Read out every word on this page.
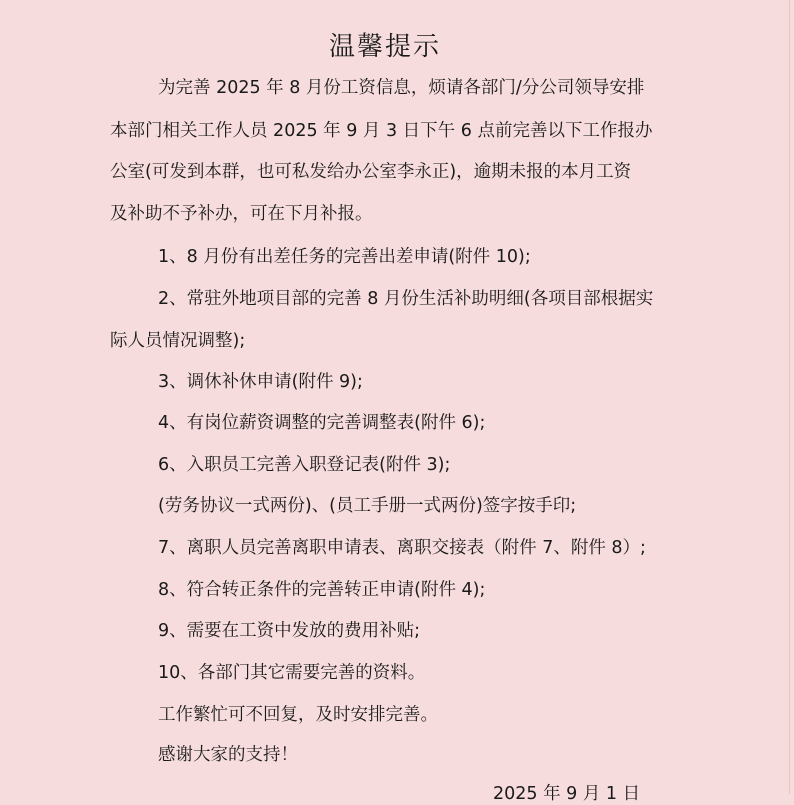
温馨提示
为完善 2025 年 8 月份工资信息，烦请各部门/分公司领导安排
本部门相关工作人员 2025 年 9 月 3 日下午 6 点前完善以下工作报办
公室(可发到本群，也可私发给办公室李永正)，逾期未报的本月工资
及补助不予补办，可在下月补报。
1、8 月份有出差任务的完善出差申请(附件 10);
2、常驻外地项目部的完善 8 月份生活补助明细(各项目部根据实
际人员情况调整);
3、调休补休申请(附件 9);
4、有岗位薪资调整的完善调整表(附件 6);
6、入职员工完善入职登记表(附件 3);
(劳务协议一式两份)、(员工手册一式两份)签字按手印;
7、离职人员完善离职申请表、离职交接表（附件 7、附件 8）;
8、符合转正条件的完善转正申请(附件 4);
9、需要在工资中发放的费用补贴;
10、各部门其它需要完善的资料。
工作繁忙可不回复，及时安排完善。
感谢大家的支持！
2025 年 9 月 1 日
